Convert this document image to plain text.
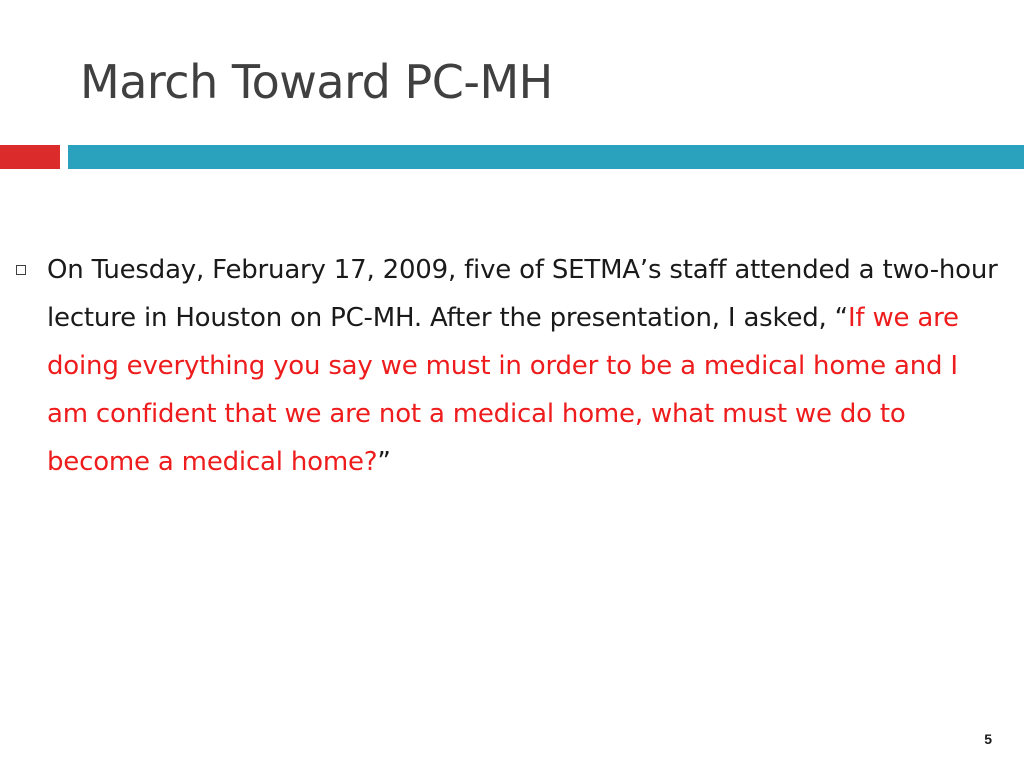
March Toward PC-MH
On Tuesday, February 17, 2009, five of SETMA’s staff attended a two-hour lecture in Houston on PC-MH. After the presentation, I asked, “If we are doing everything you say we must in order to be a medical home and I am confident that we are not a medical home, what must we do to become a medical home?”
5
